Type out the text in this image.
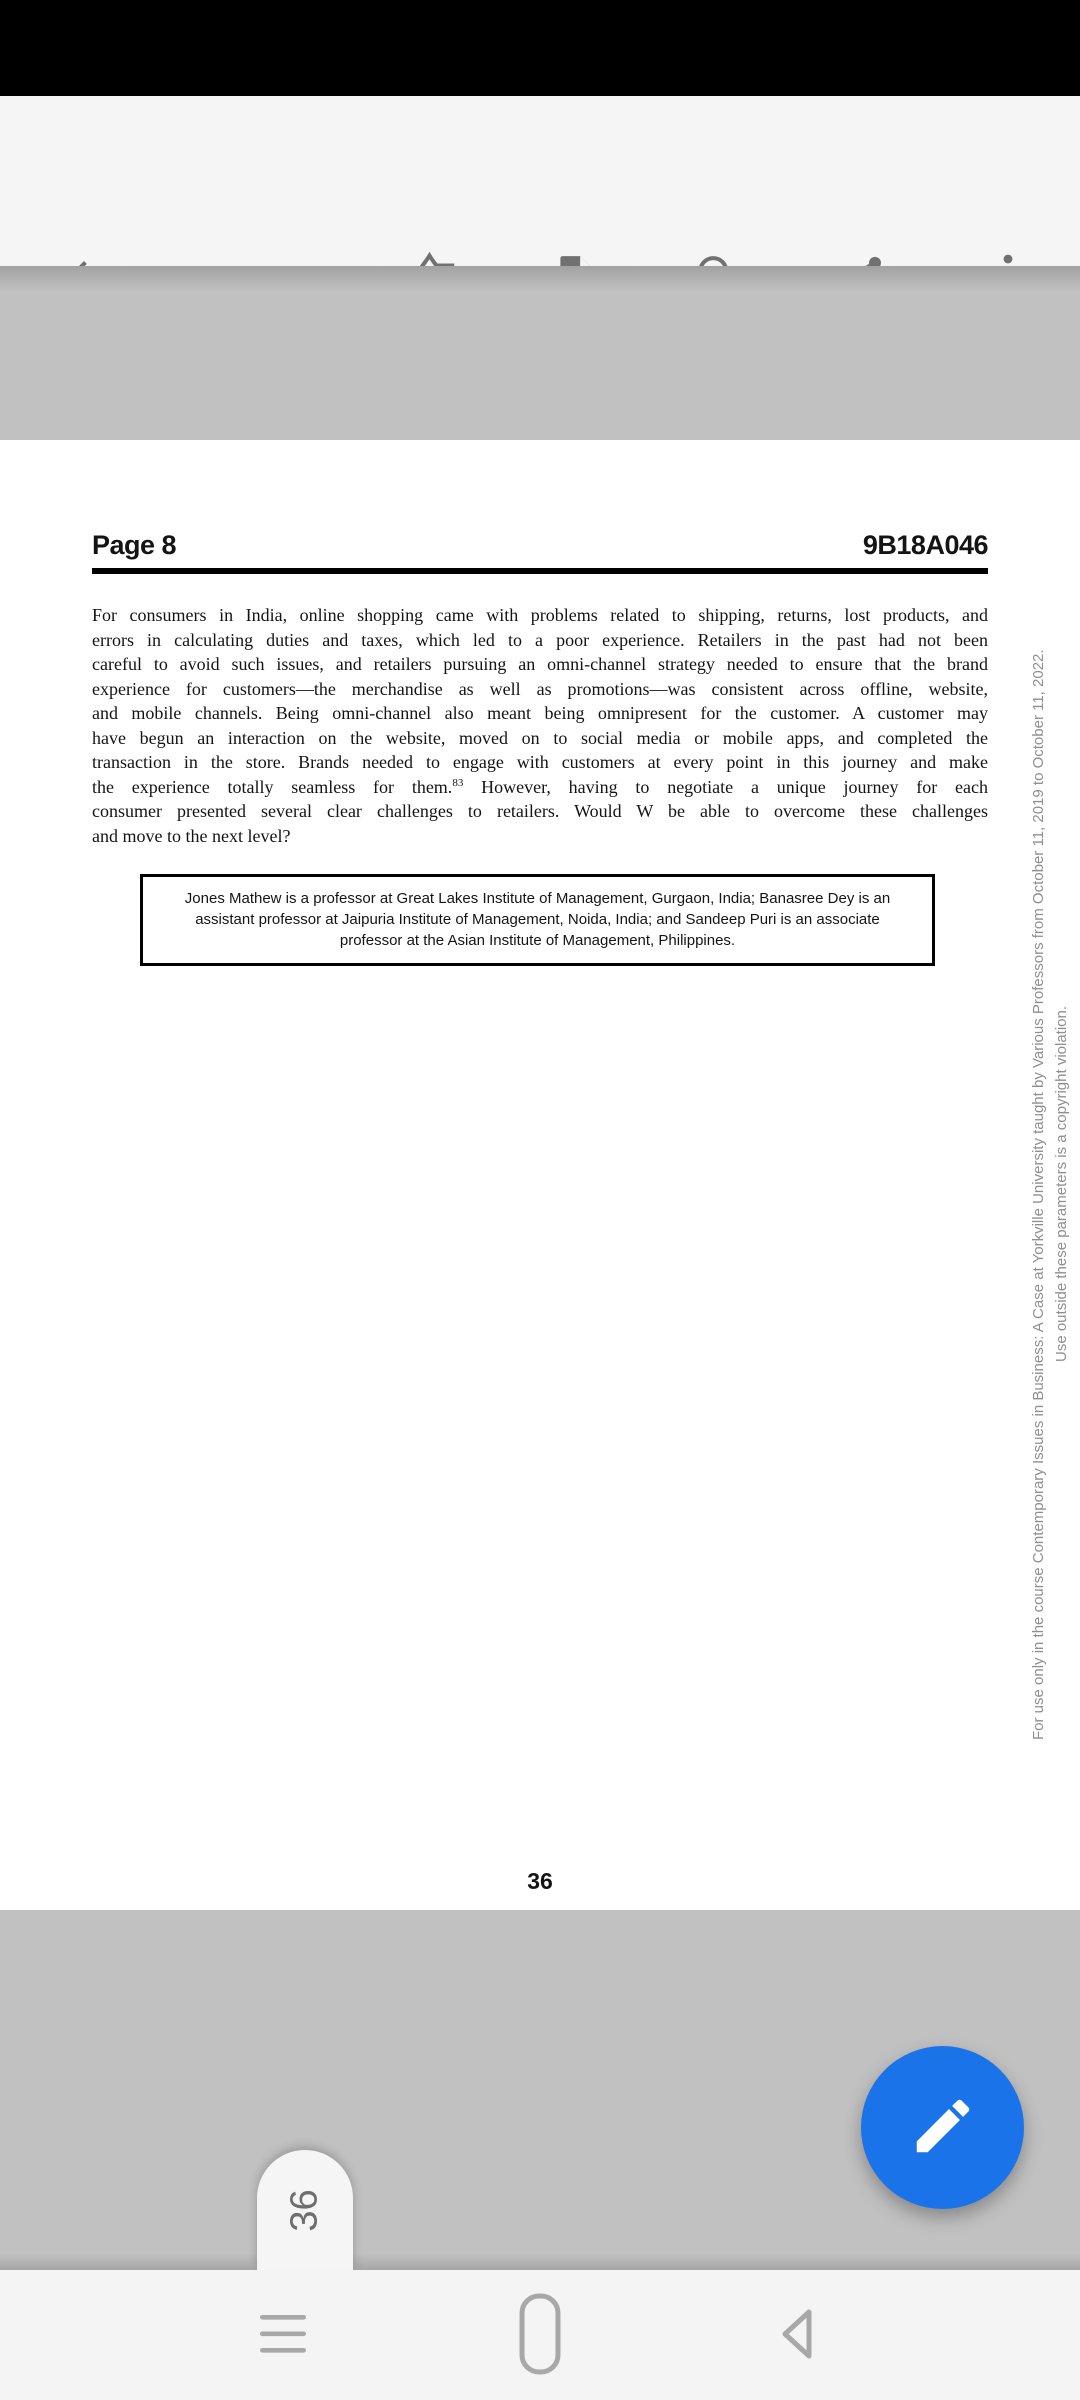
Page 8	9B18A046
For consumers in India, online shopping came with problems related to shipping, returns, lost products, and
errors in calculating duties and taxes, which led to a poor experience. Retailers in the past had not been
careful to avoid such issues, and retailers pursuing an omni-channel strategy needed to ensure that the brand
experience for customers—the merchandise as well as promotions—was consistent across offline, website,
and mobile channels. Being omni-channel also meant being omnipresent for the customer. A customer may
have begun an interaction on the website, moved on to social media or mobile apps, and completed the
transaction in the store. Brands needed to engage with customers at every point in this journey and make
the experience totally seamless for them.$^{83}$ However, having to negotiate a unique journey for each
consumer presented several clear challenges to retailers. Would W be able to overcome these challenges
and move to the next level?
Jones Mathew is a professor at Great Lakes Institute of Management, Gurgaon, India; Banasree Dey is an
assistant professor at Jaipuria Institute of Management, Noida, India; and Sandeep Puri is an associate
professor at the Asian Institute of Management, Philippines.	For use only in the course Contemporary Issues in Business: A Case at Yorkville University taught by Various Professors from October 11, 2019 to October 11, 2022. Use outside these parameters is a copyright violation.
36
36
